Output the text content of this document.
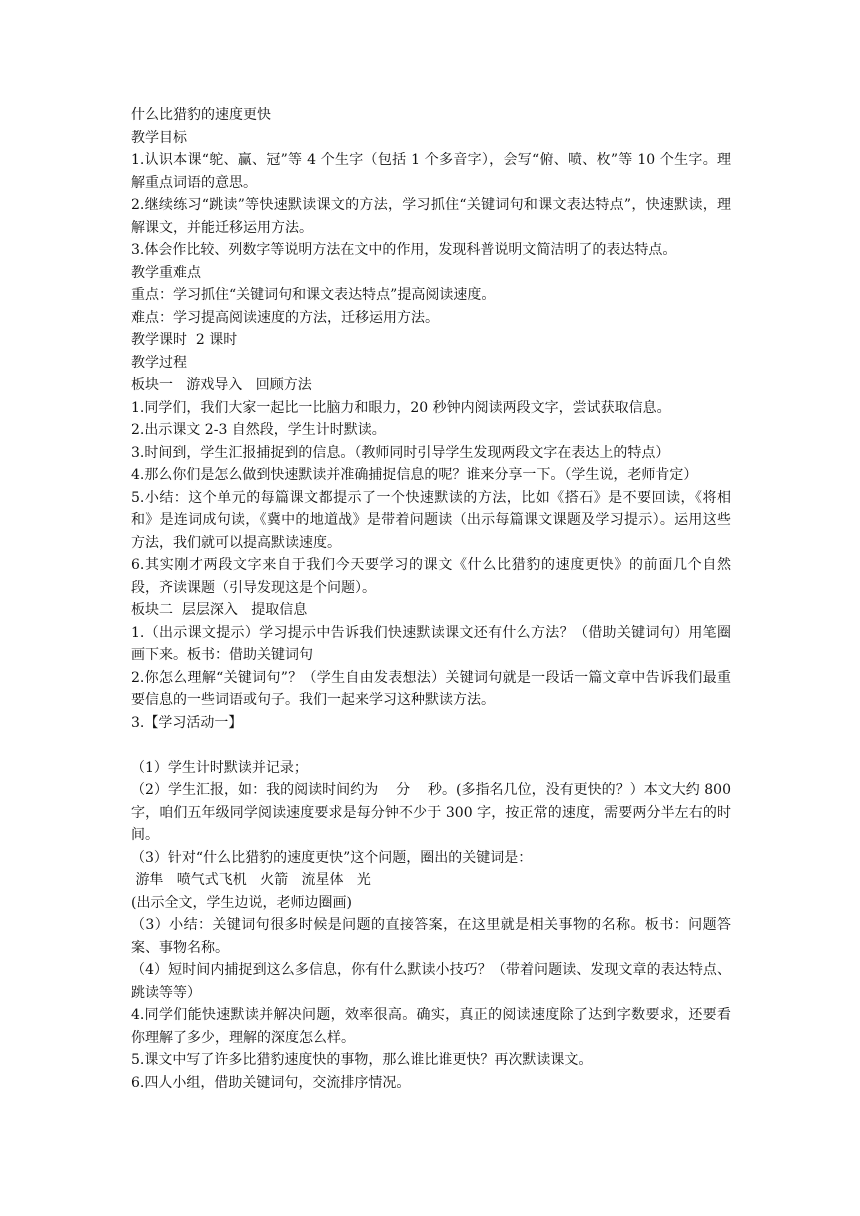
什么比猎豹的速度更快

教学目标

1.认识本课“鸵、赢、冠”等 4 个生字（包括 1 个多音字），会写“俯、喷、枚”等 10 个生字。理解重点词语的意思。

2.继续练习“跳读”等快速默读课文的方法，学习抓住“关键词句和课文表达特点”，快速默读，理解课文，并能迁移运用方法。

3.体会作比较、列数字等说明方法在文中的作用，发现科普说明文简洁明了的表达特点。

教学重难点

重点：学习抓住“关键词句和课文表达特点”提高阅读速度。

难点：学习提高阅读速度的方法，迁移运用方法。

教学课时  2 课时

教学过程

板块一   游戏导入   回顾方法

1.同学们，我们大家一起比一比脑力和眼力，20 秒钟内阅读两段文字，尝试获取信息。

2.出示课文 2-3 自然段，学生计时默读。

3.时间到，学生汇报捕捉到的信息。（教师同时引导学生发现两段文字在表达上的特点）

4.那么你们是怎么做到快速默读并准确捕捉信息的呢？谁来分享一下。（学生说，老师肯定）

5.小结：这个单元的每篇课文都提示了一个快速默读的方法，比如《搭石》是不要回读，《将相和》是连词成句读，《冀中的地道战》是带着问题读（出示每篇课文课题及学习提示）。运用这些方法，我们就可以提高默读速度。

6.其实刚才两段文字来自于我们今天要学习的课文《什么比猎豹的速度更快》的前面几个自然段，齐读课题（引导发现这是个问题）。

板块二  层层深入   提取信息

1.（出示课文提示）学习提示中告诉我们快速默读课文还有什么方法？（借助关键词句）用笔圈画下来。板书：借助关键词句

2.你怎么理解“关键词句”？（学生自由发表想法）关键词句就是一段话一篇文章中告诉我们最重要信息的一些词语或句子。我们一起来学习这种默读方法。

3.【学习活动一】

（1）学生计时默读并记录；

（2）学生汇报，如：我的阅读时间约为    分    秒。(多指名几位，没有更快的？）本文大约 800 字，咱们五年级同学阅读速度要求是每分钟不少于 300 字，按正常的速度，需要两分半左右的时间。

（3）针对“什么比猎豹的速度更快”这个问题，圈出的关键词是：

游隼   喷气式飞机   火箭   流星体   光

(出示全文，学生边说，老师边圈画)

（3）小结：关键词句很多时候是问题的直接答案，在这里就是相关事物的名称。板书：问题答案、事物名称。

（4）短时间内捕捉到这么多信息，你有什么默读小技巧？（带着问题读、发现文章的表达特点、跳读等等）

4.同学们能快速默读并解决问题，效率很高。确实，真正的阅读速度除了达到字数要求，还要看你理解了多少，理解的深度怎么样。

5.课文中写了许多比猎豹速度快的事物，那么谁比谁更快？再次默读课文。

6.四人小组，借助关键词句，交流排序情况。
